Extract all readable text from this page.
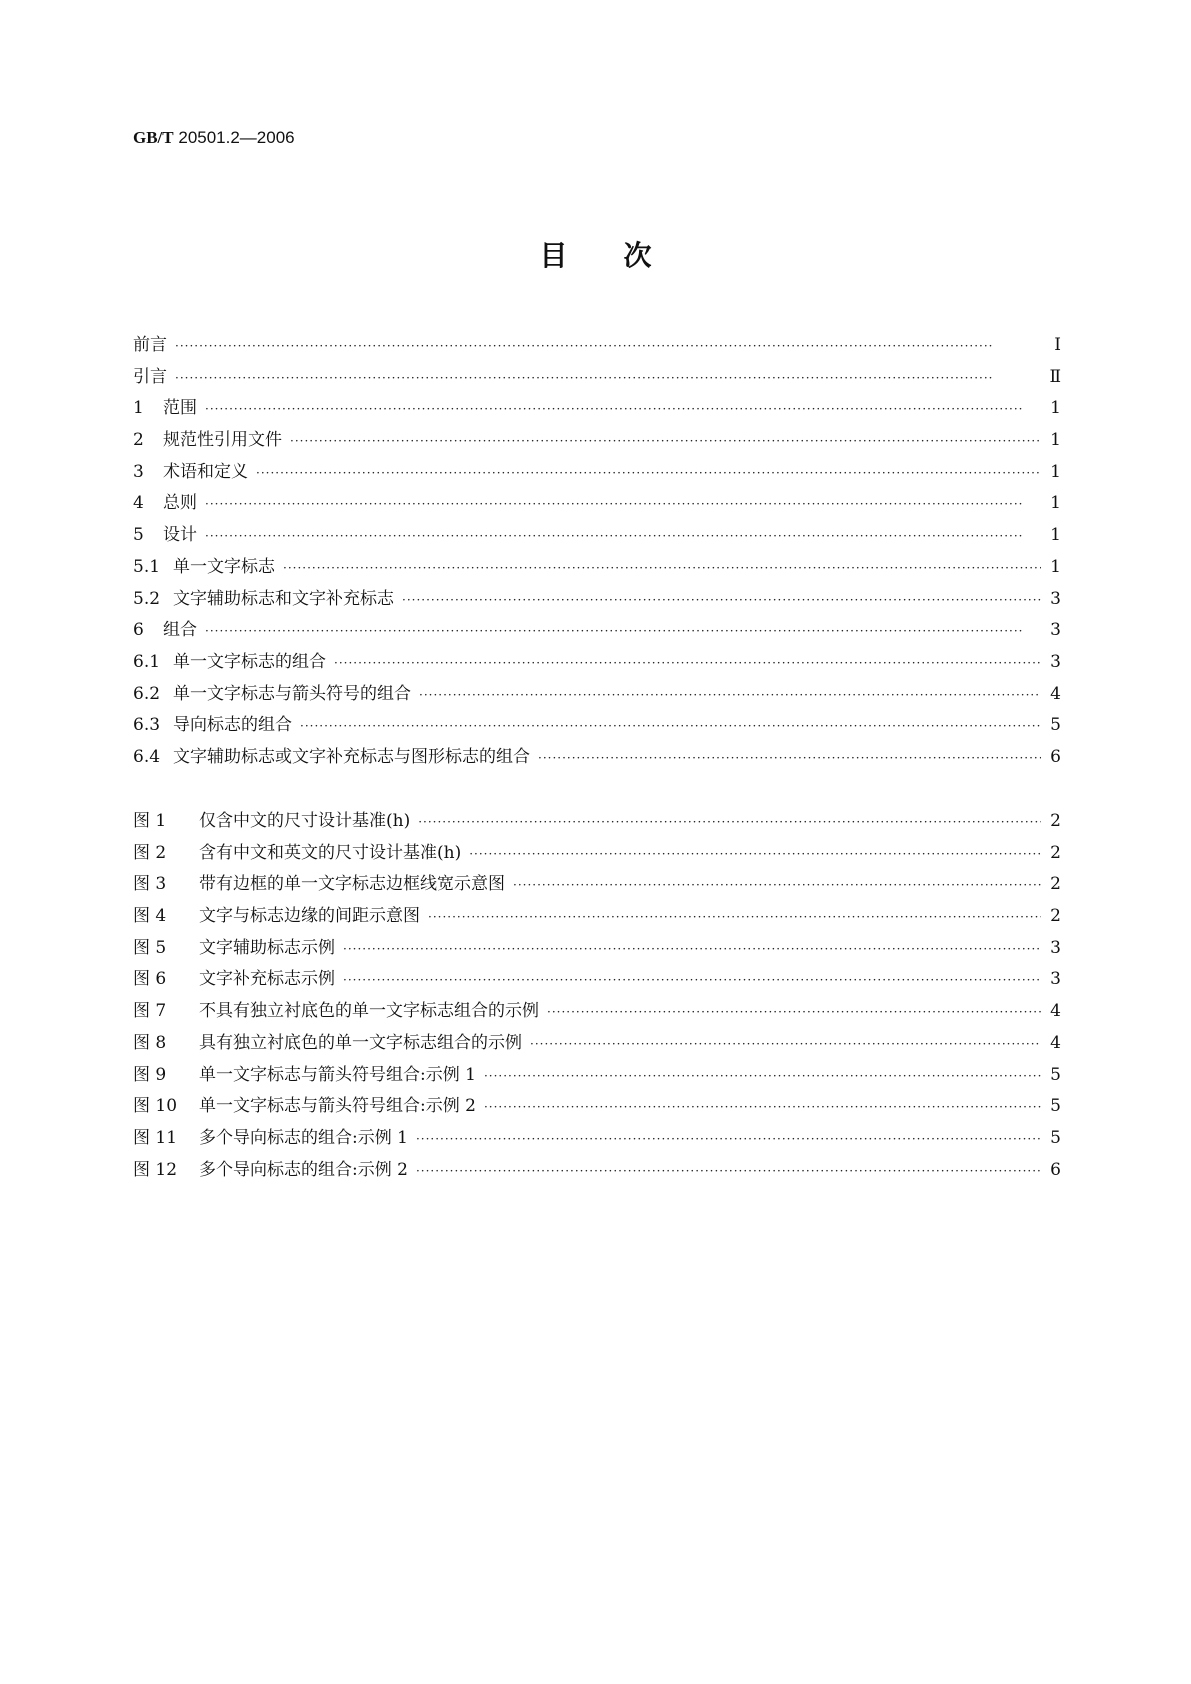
GB/T 20501.2—2006
目次
前言 ·····	Ⅰ
引言 ·····	Ⅱ
1	范围 ·····	1
2	规范性引用文件 ·····	1
3	术语和定义 ·····	1
4	总则 ·····	1
5	设计 ·····	1
5.1 单一文字标志 ·····	1
5.2 文字辅助标志和文字补充标志 ·····	3
6	组合 ·····	3
6.1 单一文字标志的组合 ·····	3
6.2 单一文字标志与箭头符号的组合 ·····	4
6.3 导向标志的组合 ·····	5
6.4 文字辅助标志或文字补充标志与图形标志的组合 ·····	6
图 1	仅含中文的尺寸设计基准(h) ·····	2
图 2	含有中文和英文的尺寸设计基准(h) ·····	2
图 3	带有边框的单一文字标志边框线宽示意图 ·····	2
图 4	文字与标志边缘的间距示意图 ·····	2
图 5	文字辅助标志示例 ·····	3
图 6	文字补充标志示例 ·····	3
图 7	不具有独立衬底色的单一文字标志组合的示例 ·····	4
图 8	具有独立衬底色的单一文字标志组合的示例 ·····	4
图 9	单一文字标志与箭头符号组合:示例 1 ·····	5
图 10	单一文字标志与箭头符号组合:示例 2 ·····	5
图 11	多个导向标志的组合:示例 1 ·····	5
图 12	多个导向标志的组合:示例 2 ·····	6
